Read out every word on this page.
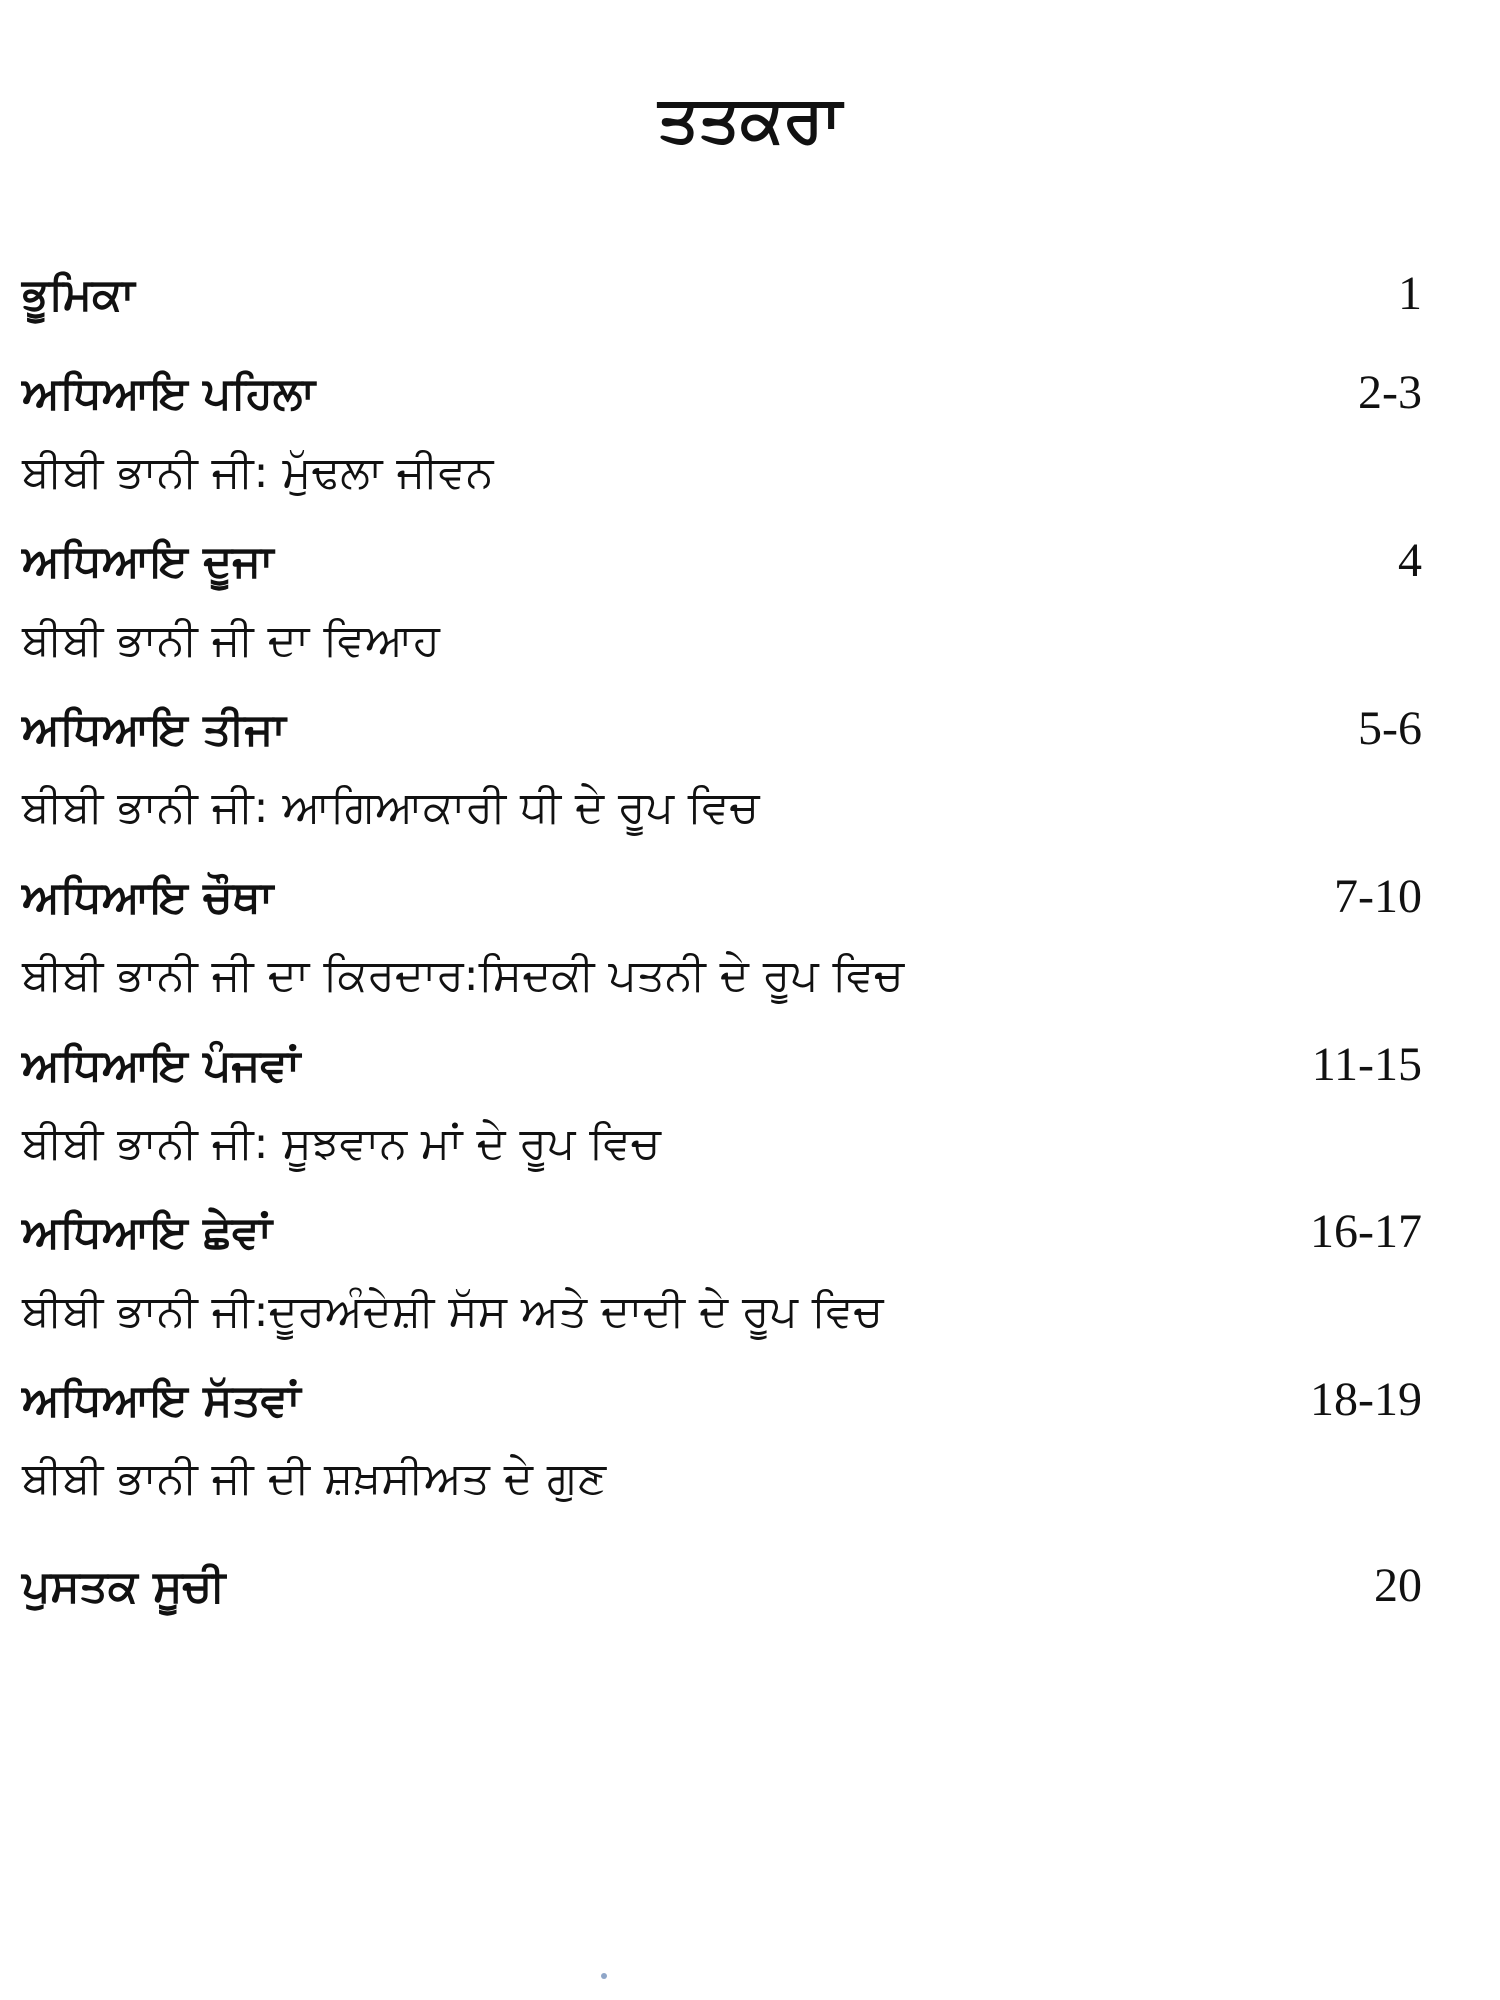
ਤਤਕਰਾ
ਭੂਮਿਕਾ	1
ਅਧਿਆਇ ਪਹਿਲਾ	2-3
ਬੀਬੀ ਭਾਨੀ ਜੀ: ਮੁੱਢਲਾ ਜੀਵਨ
ਅਧਿਆਇ ਦੂਜਾ	4
ਬੀਬੀ ਭਾਨੀ ਜੀ ਦਾ ਵਿਆਹ
ਅਧਿਆਇ ਤੀਜਾ	5-6
ਬੀਬੀ ਭਾਨੀ ਜੀ: ਆਗਿਆਕਾਰੀ ਧੀ ਦੇ ਰੂਪ ਵਿਚ
ਅਧਿਆਇ ਚੌਥਾ	7-10
ਬੀਬੀ ਭਾਨੀ ਜੀ ਦਾ ਕਿਰਦਾਰ:ਸਿਦਕੀ ਪਤਨੀ ਦੇ ਰੂਪ ਵਿਚ
ਅਧਿਆਇ ਪੰਜਵਾਂ	11-15
ਬੀਬੀ ਭਾਨੀ ਜੀ: ਸੂਝਵਾਨ ਮਾਂ ਦੇ ਰੂਪ ਵਿਚ
ਅਧਿਆਇ ਛੇਵਾਂ	16-17
ਬੀਬੀ ਭਾਨੀ ਜੀ:ਦੂਰਅੰਦੇਸ਼ੀ ਸੱਸ ਅਤੇ ਦਾਦੀ ਦੇ ਰੂਪ ਵਿਚ
ਅਧਿਆਇ ਸੱਤਵਾਂ	18-19
ਬੀਬੀ ਭਾਨੀ ਜੀ ਦੀ ਸ਼ਖ਼ਸੀਅਤ ਦੇ ਗੁਣ
ਪੁਸਤਕ ਸੂਚੀ	20
